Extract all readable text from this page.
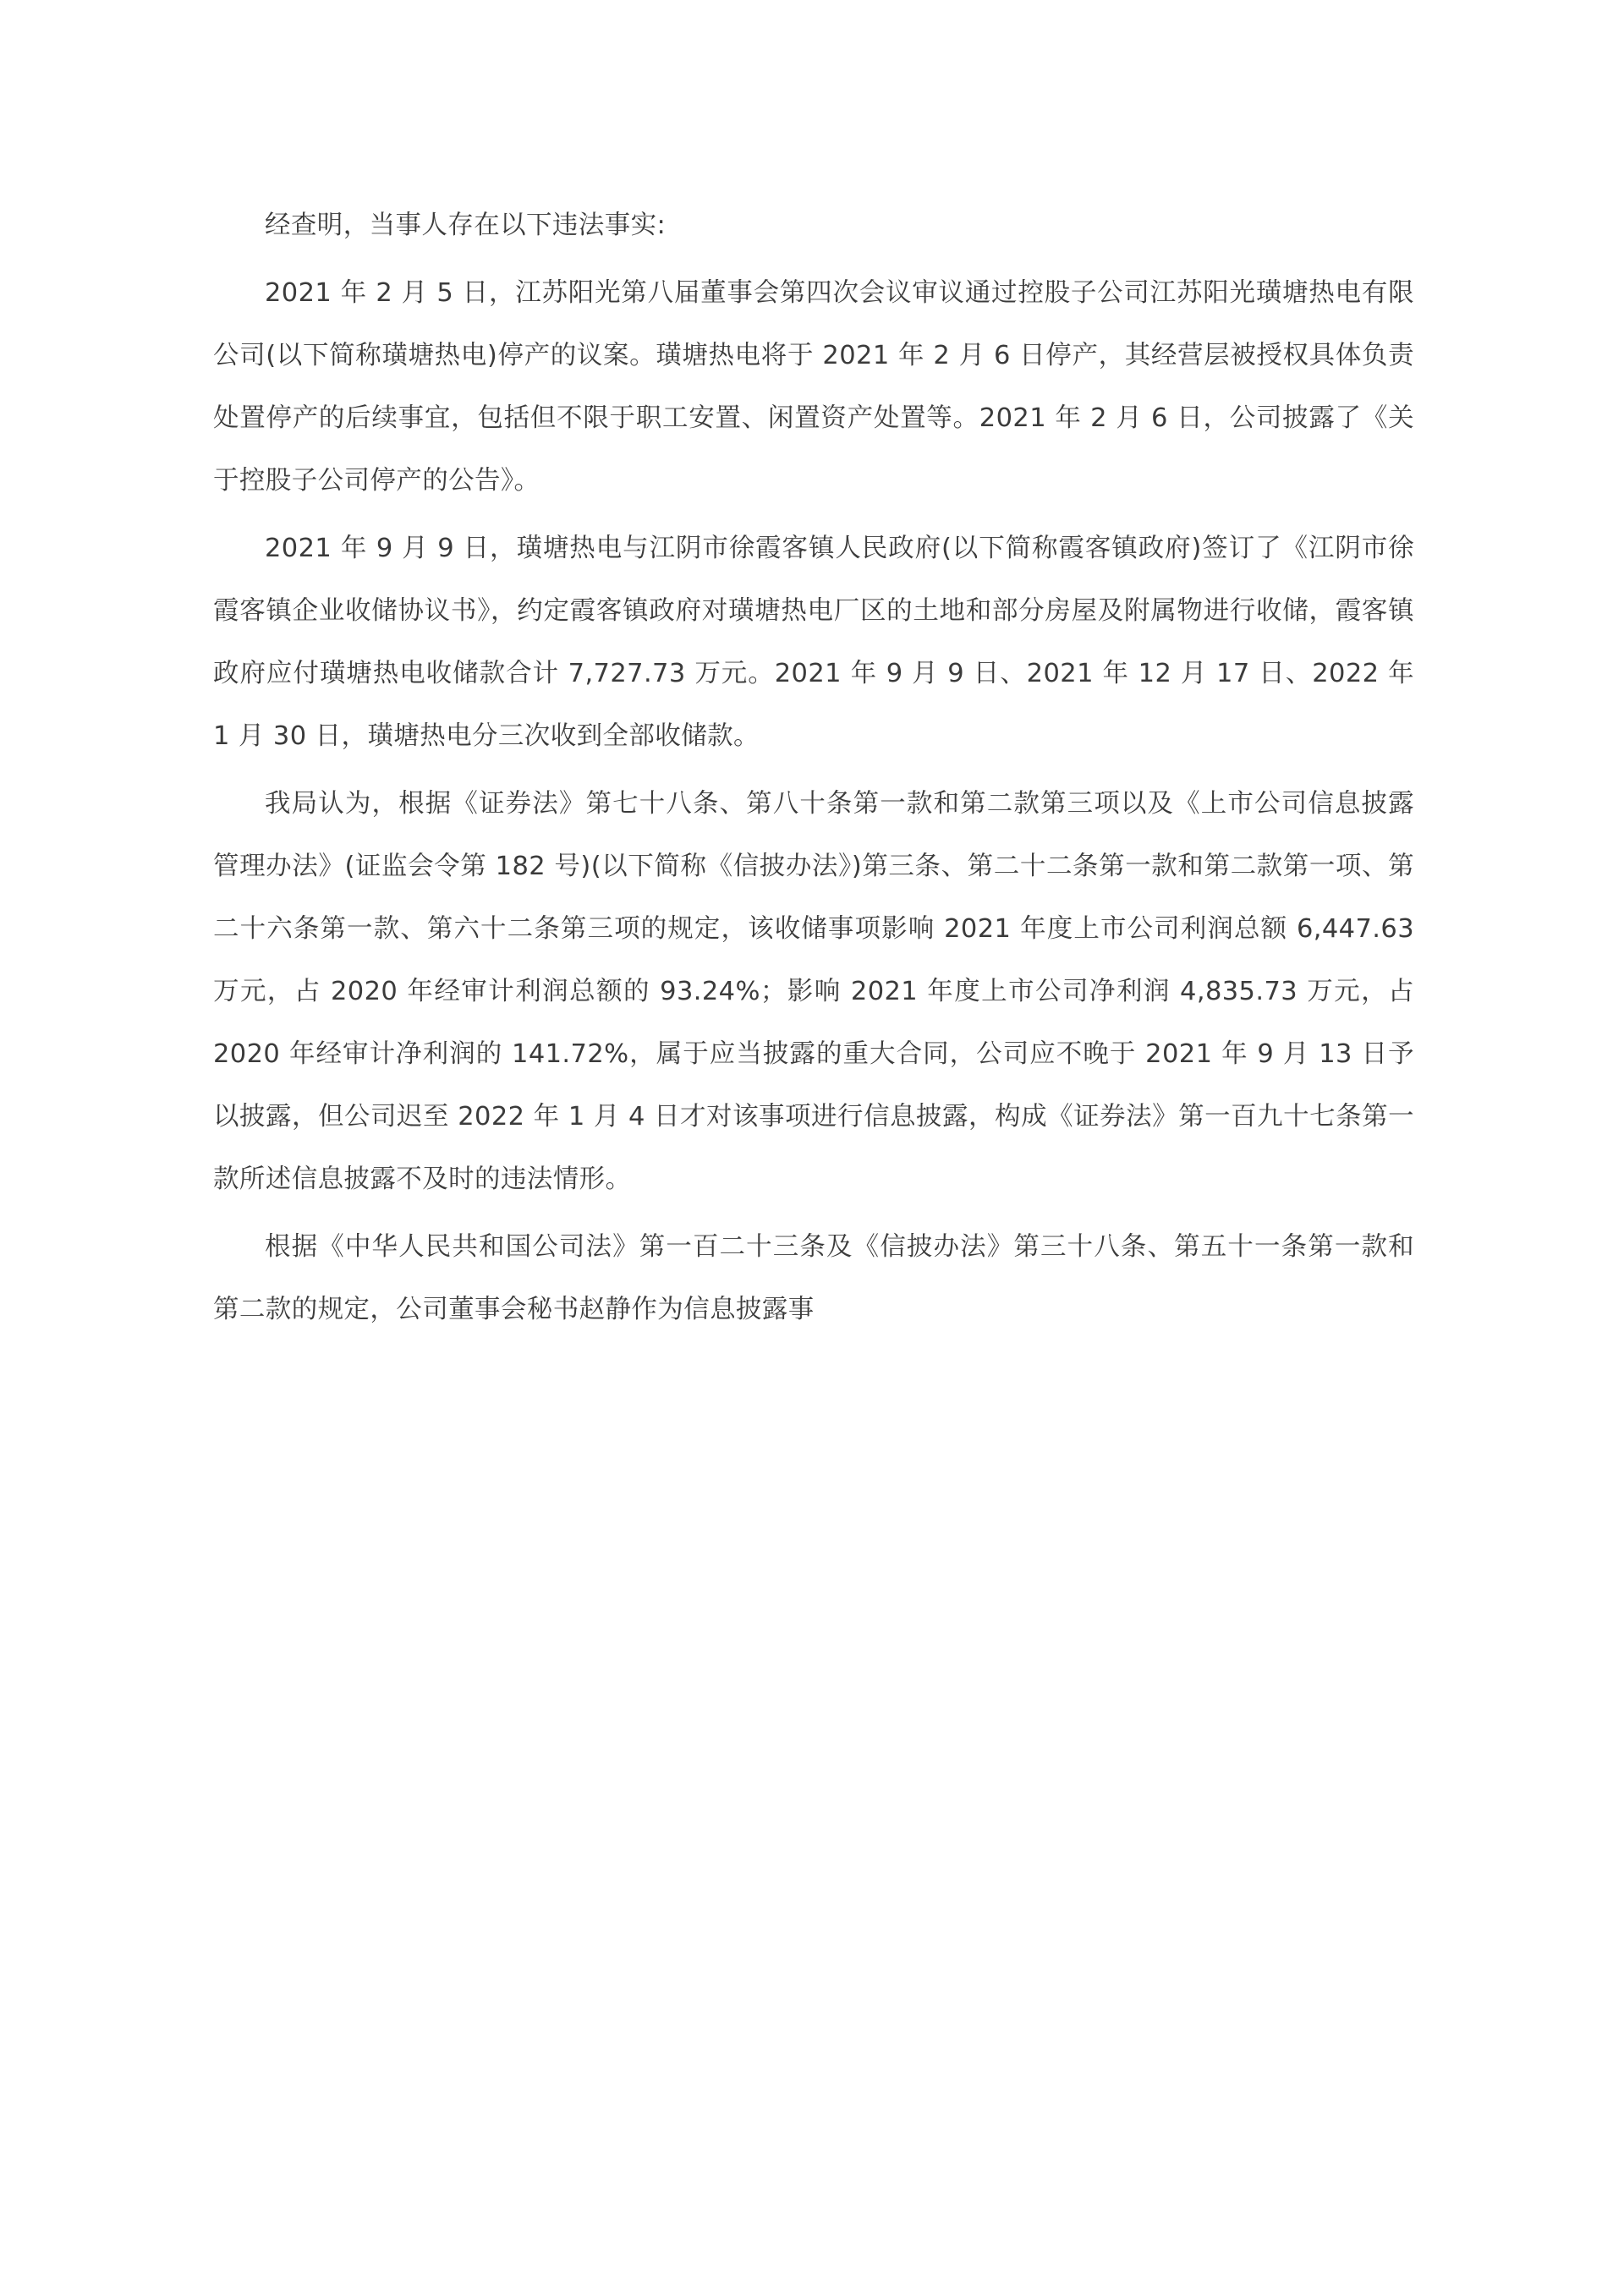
经查明，当事人存在以下违法事实:

2021 年 2 月 5 日，江苏阳光第八届董事会第四次会议审议通过控股子公司江苏阳光璜塘热电有限公司(以下简称璜塘热电)停产的议案。璜塘热电将于 2021 年 2 月 6 日停产，其经营层被授权具体负责处置停产的后续事宜，包括但不限于职工安置、闲置资产处置等。2021 年 2 月 6 日，公司披露了《关于控股子公司停产的公告》。

2021 年 9 月 9 日，璜塘热电与江阴市徐霞客镇人民政府(以下简称霞客镇政府)签订了《江阴市徐霞客镇企业收储协议书》，约定霞客镇政府对璜塘热电厂区的土地和部分房屋及附属物进行收储，霞客镇政府应付璜塘热电收储款合计 7,727.73 万元。2021 年 9 月 9 日、2021 年 12 月 17 日、2022 年 1 月 30 日，璜塘热电分三次收到全部收储款。

我局认为，根据《证券法》第七十八条、第八十条第一款和第二款第三项以及《上市公司信息披露管理办法》(证监会令第 182 号)(以下简称《信披办法》)第三条、第二十二条第一款和第二款第一项、第二十六条第一款、第六十二条第三项的规定，该收储事项影响 2021 年度上市公司利润总额 6,447.63 万元，占 2020 年经审计利润总额的 93.24%；影响 2021 年度上市公司净利润 4,835.73 万元，占 2020 年经审计净利润的 141.72%，属于应当披露的重大合同，公司应不晚于 2021 年 9 月 13 日予以披露，但公司迟至 2022 年 1 月 4 日才对该事项进行信息披露，构成《证券法》第一百九十七条第一款所述信息披露不及时的违法情形。

根据《中华人民共和国公司法》第一百二十三条及《信披办法》第三十八条、第五十一条第一款和第二款的规定，公司董事会秘书赵静作为信息披露事
